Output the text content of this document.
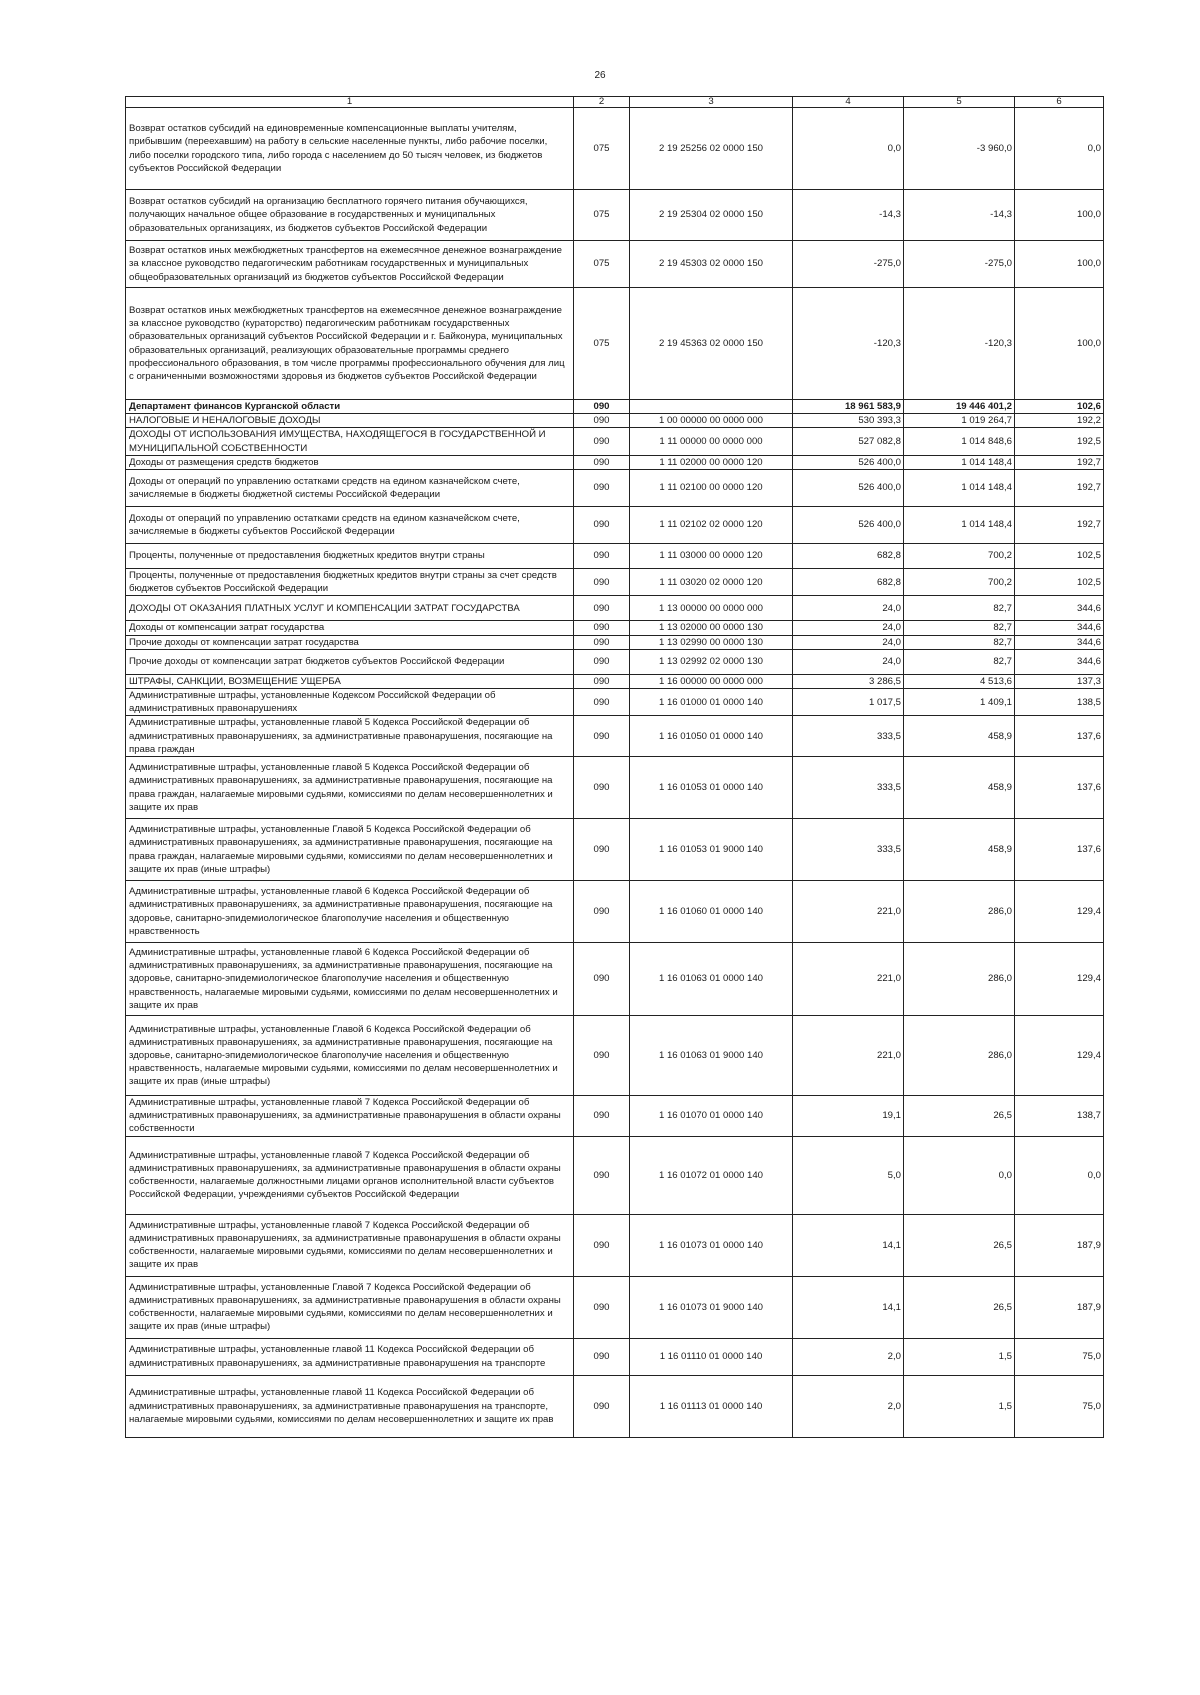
26
1	2	3	4	5	6
Возврат остатков субсидий на единовременные компенсационные выплаты учителям, прибывшим (переехавшим) на работу в сельские населенные пункты, либо рабочие поселки, либо поселки городского типа, либо города с населением до 50 тысяч человек, из бюджетов субъектов Российской Федерации	075	2 19 25256 02 0000 150	0,0	-3 960,0	0,0
Возврат остатков субсидий на организацию бесплатного горячего питания обучающихся, получающих начальное общее образование в государственных и муниципальных образовательных организациях, из бюджетов субъектов Российской Федерации	075	2 19 25304 02 0000 150	-14,3	-14,3	100,0
Возврат остатков иных межбюджетных трансфертов на ежемесячное денежное вознаграждение за классное руководство педагогическим работникам государственных и муниципальных общеобразовательных организаций из бюджетов субъектов Российской Федерации	075	2 19 45303 02 0000 150	-275,0	-275,0	100,0
Возврат остатков иных межбюджетных трансфертов на ежемесячное денежное вознаграждение за классное руководство (кураторство) педагогическим работникам государственных образовательных организаций субъектов Российской Федерации и г. Байконура, муниципальных образовательных организаций, реализующих образовательные программы среднего профессионального образования, в том числе программы профессионального обучения для лиц с ограниченными возможностями здоровья из бюджетов субъектов Российской Федерации	075	2 19 45363 02 0000 150	-120,3	-120,3	100,0
Департамент финансов Курганской области	090		18 961 583,9	19 446 401,2	102,6
НАЛОГОВЫЕ И НЕНАЛОГОВЫЕ ДОХОДЫ	090	1 00 00000 00 0000 000	530 393,3	1 019 264,7	192,2
ДОХОДЫ ОТ ИСПОЛЬЗОВАНИЯ ИМУЩЕСТВА, НАХОДЯЩЕГОСЯ В ГОСУДАРСТВЕННОЙ И МУНИЦИПАЛЬНОЙ СОБСТВЕННОСТИ	090	1 11 00000 00 0000 000	527 082,8	1 014 848,6	192,5
Доходы от размещения средств бюджетов	090	1 11 02000 00 0000 120	526 400,0	1 014 148,4	192,7
Доходы от операций по управлению остатками средств на едином казначейском счете, зачисляемые в бюджеты бюджетной системы Российской Федерации	090	1 11 02100 00 0000 120	526 400,0	1 014 148,4	192,7
Доходы от операций по управлению остатками средств на едином казначейском счете, зачисляемые в бюджеты субъектов Российской Федерации	090	1 11 02102 02 0000 120	526 400,0	1 014 148,4	192,7
Проценты, полученные от предоставления бюджетных кредитов внутри страны	090	1 11 03000 00 0000 120	682,8	700,2	102,5
Проценты, полученные от предоставления бюджетных кредитов внутри страны за счет средств бюджетов субъектов Российской Федерации	090	1 11 03020 02 0000 120	682,8	700,2	102,5
ДОХОДЫ ОТ ОКАЗАНИЯ ПЛАТНЫХ УСЛУГ И КОМПЕНСАЦИИ ЗАТРАТ ГОСУДАРСТВА	090	1 13 00000 00 0000 000	24,0	82,7	344,6
Доходы от компенсации затрат государства	090	1 13 02000 00 0000 130	24,0	82,7	344,6
Прочие доходы от компенсации затрат государства	090	1 13 02990 00 0000 130	24,0	82,7	344,6
Прочие доходы от компенсации затрат бюджетов субъектов Российской Федерации	090	1 13 02992 02 0000 130	24,0	82,7	344,6
ШТРАФЫ, САНКЦИИ, ВОЗМЕЩЕНИЕ УЩЕРБА	090	1 16 00000 00 0000 000	3 286,5	4 513,6	137,3
Административные штрафы, установленные Кодексом Российской Федерации об административных правонарушениях	090	1 16 01000 01 0000 140	1 017,5	1 409,1	138,5
Административные штрафы, установленные главой 5 Кодекса Российской Федерации об административных правонарушениях, за административные правонарушения, посягающие на права граждан	090	1 16 01050 01 0000 140	333,5	458,9	137,6
Административные штрафы, установленные главой 5 Кодекса Российской Федерации об административных правонарушениях, за административные правонарушения, посягающие на права граждан, налагаемые мировыми судьями, комиссиями по делам несовершеннолетних и защите их прав	090	1 16 01053 01 0000 140	333,5	458,9	137,6
Административные штрафы, установленные Главой 5 Кодекса Российской Федерации об административных правонарушениях, за административные правонарушения, посягающие на права граждан, налагаемые мировыми судьями, комиссиями по делам несовершеннолетних и защите их прав (иные штрафы)	090	1 16 01053 01 9000 140	333,5	458,9	137,6
Административные штрафы, установленные главой 6 Кодекса Российской Федерации об административных правонарушениях, за административные правонарушения, посягающие на здоровье, санитарно-эпидемиологическое благополучие населения и общественную нравственность	090	1 16 01060 01 0000 140	221,0	286,0	129,4
Административные штрафы, установленные главой 6 Кодекса Российской Федерации об административных правонарушениях, за административные правонарушения, посягающие на здоровье, санитарно-эпидемиологическое благополучие населения и общественную нравственность, налагаемые мировыми судьями, комиссиями по делам несовершеннолетних и защите их прав	090	1 16 01063 01 0000 140	221,0	286,0	129,4
Административные штрафы, установленные Главой 6 Кодекса Российской Федерации об административных правонарушениях, за административные правонарушения, посягающие на здоровье, санитарно-эпидемиологическое благополучие населения и общественную нравственность, налагаемые мировыми судьями, комиссиями по делам несовершеннолетних и защите их прав (иные штрафы)	090	1 16 01063 01 9000 140	221,0	286,0	129,4
Административные штрафы, установленные главой 7 Кодекса Российской Федерации об административных правонарушениях, за административные правонарушения в области охраны собственности	090	1 16 01070 01 0000 140	19,1	26,5	138,7
Административные штрафы, установленные главой 7 Кодекса Российской Федерации об административных правонарушениях, за административные правонарушения в области охраны собственности, налагаемые должностными лицами органов исполнительной власти субъектов Российской Федерации, учреждениями субъектов Российской Федерации	090	1 16 01072 01 0000 140	5,0	0,0	0,0
Административные штрафы, установленные главой 7 Кодекса Российской Федерации об административных правонарушениях, за административные правонарушения в области охраны собственности, налагаемые мировыми судьями, комиссиями по делам несовершеннолетних и защите их прав	090	1 16 01073 01 0000 140	14,1	26,5	187,9
Административные штрафы, установленные Главой 7 Кодекса Российской Федерации об административных правонарушениях, за административные правонарушения в области охраны собственности, налагаемые мировыми судьями, комиссиями по делам несовершеннолетних и защите их прав (иные штрафы)	090	1 16 01073 01 9000 140	14,1	26,5	187,9
Административные штрафы, установленные главой 11 Кодекса Российской Федерации об административных правонарушениях, за административные правонарушения на транспорте	090	1 16 01110 01 0000 140	2,0	1,5	75,0
Административные штрафы, установленные главой 11 Кодекса Российской Федерации об административных правонарушениях, за административные правонарушения на транспорте, налагаемые мировыми судьями, комиссиями по делам несовершеннолетних и защите их прав	090	1 16 01113 01 0000 140	2,0	1,5	75,0
